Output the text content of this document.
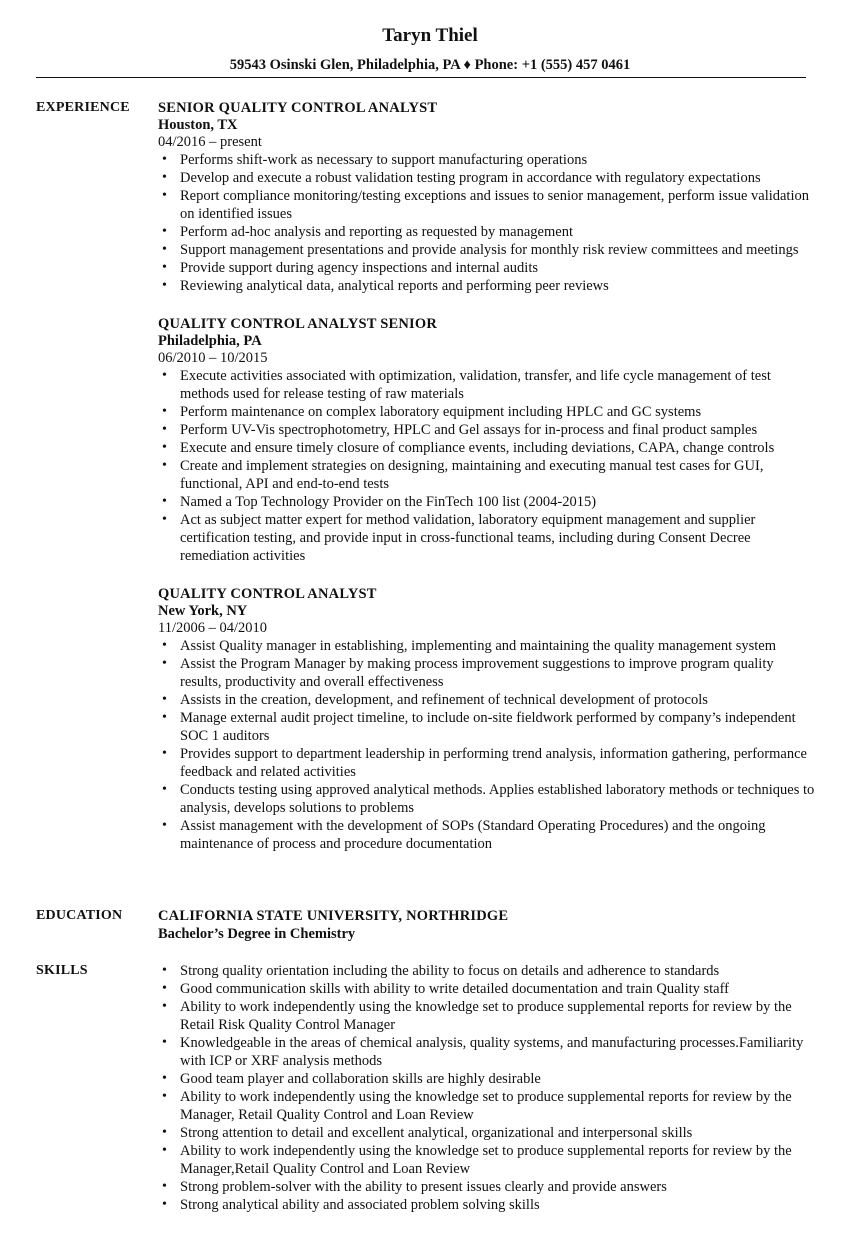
Taryn Thiel
59543 Osinski Glen, Philadelphia, PA ♦ Phone: +1 (555) 457 0461
EXPERIENCE SENIOR QUALITY CONTROL ANALYST
Houston, TX
04/2016 – present
• Performs shift-work as necessary to support manufacturing operations
• Develop and execute a robust validation testing program in accordance with regulatory expectations
• Report compliance monitoring/testing exceptions and issues to senior management, perform issue validation on identified issues
• Perform ad-hoc analysis and reporting as requested by management
• Support management presentations and provide analysis for monthly risk review committees and meetings
• Provide support during agency inspections and internal audits
• Reviewing analytical data, analytical reports and performing peer reviews
QUALITY CONTROL ANALYST SENIOR
Philadelphia, PA
06/2010 – 10/2015
• Execute activities associated with optimization, validation, transfer, and life cycle management of test methods used for release testing of raw materials
• Perform maintenance on complex laboratory equipment including HPLC and GC systems
• Perform UV-Vis spectrophotometry, HPLC and Gel assays for in-process and final product samples
• Execute and ensure timely closure of compliance events, including deviations, CAPA, change controls
• Create and implement strategies on designing, maintaining and executing manual test cases for GUI, functional, API and end-to-end tests
• Named a Top Technology Provider on the FinTech 100 list (2004-2015)
• Act as subject matter expert for method validation, laboratory equipment management and supplier certification testing, and provide input in cross-functional teams, including during Consent Decree remediation activities
QUALITY CONTROL ANALYST
New York, NY
11/2006 – 04/2010
• Assist Quality manager in establishing, implementing and maintaining the quality management system
• Assist the Program Manager by making process improvement suggestions to improve program quality results, productivity and overall effectiveness
• Assists in the creation, development, and refinement of technical development of protocols
• Manage external audit project timeline, to include on-site fieldwork performed by company’s independent SOC 1 auditors
• Provides support to department leadership in performing trend analysis, information gathering, performance feedback and related activities
• Conducts testing using approved analytical methods. Applies established laboratory methods or techniques to analysis, develops solutions to problems
• Assist management with the development of SOPs (Standard Operating Procedures) and the ongoing maintenance of process and procedure documentation
EDUCATION CALIFORNIA STATE UNIVERSITY, NORTHRIDGE
Bachelor’s Degree in Chemistry
SKILLS
•	Strong quality orientation including the ability to focus on details and adherence to standards
• Good communication skills with ability to write detailed documentation and train Quality staff
• Ability to work independently using the knowledge set to produce supplemental reports for review by the Retail Risk Quality Control Manager
• Knowledgeable in the areas of chemical analysis, quality systems, and manufacturing processes.Familiarity with ICP or XRF analysis methods
• Good team player and collaboration skills are highly desirable
• Ability to work independently using the knowledge set to produce supplemental reports for review by the Manager, Retail Quality Control and Loan Review
• Strong attention to detail and excellent analytical, organizational and interpersonal skills
• Ability to work independently using the knowledge set to produce supplemental reports for review by the Manager,Retail Quality Control and Loan Review
• Strong problem-solver with the ability to present issues clearly and provide answers
• Strong analytical ability and associated problem solving skills
